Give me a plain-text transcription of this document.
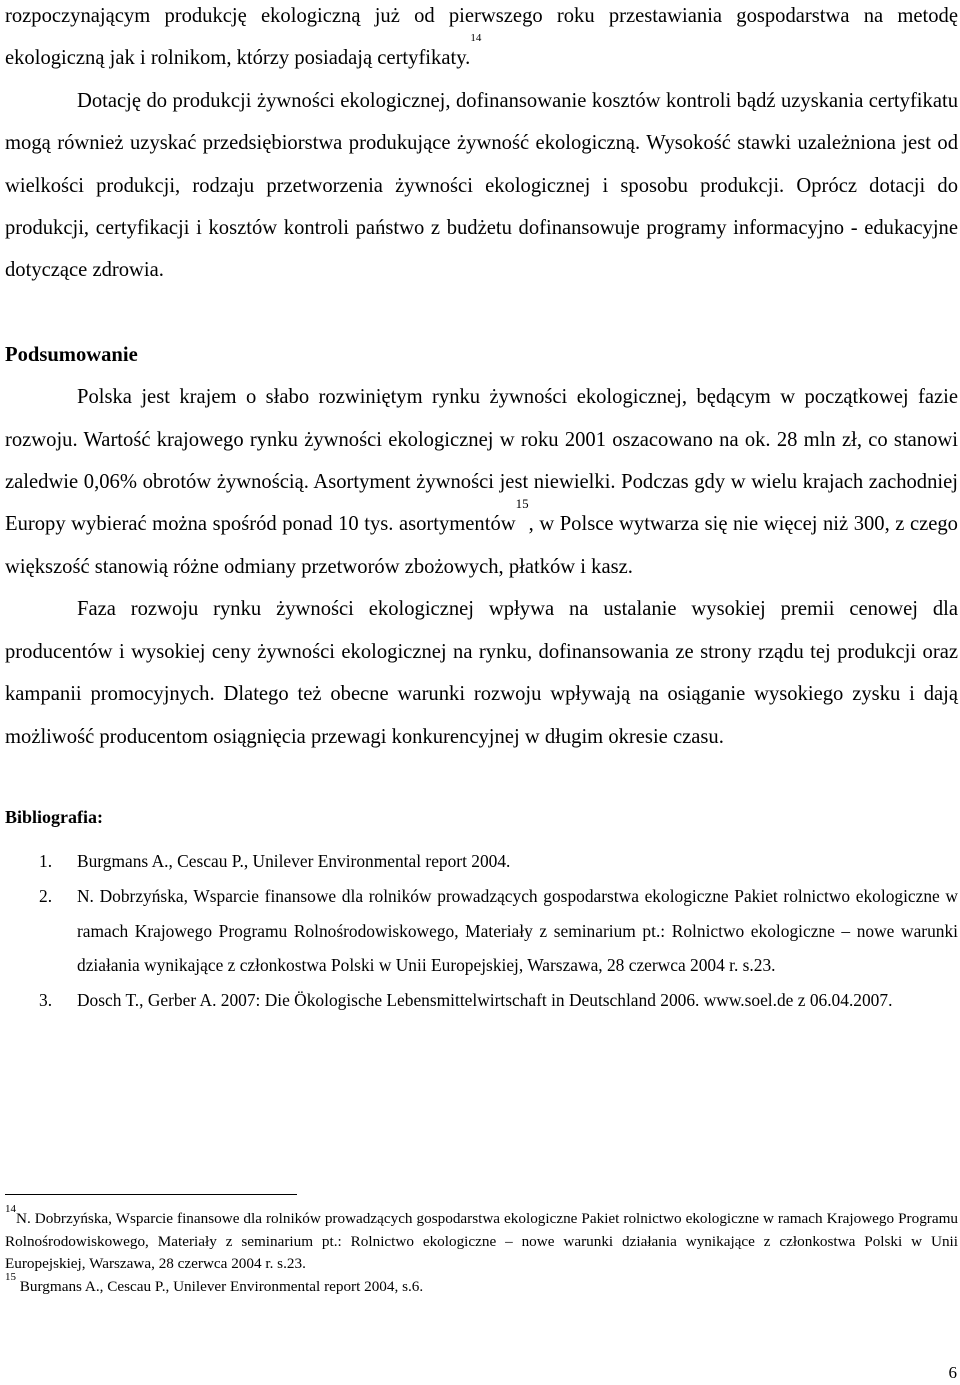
rozpoczynającym produkcję ekologiczną już od pierwszego roku przestawiania gospodarstwa na metodę ekologiczną jak i rolnikom, którzy posiadają certyfikaty.$^{14}$

Dotację do produkcji żywności ekologicznej, dofinansowanie kosztów kontroli bądź uzyskania certyfikatu mogą również uzyskać przedsiębiorstwa produkujące żywność ekologiczną. Wysokość stawki uzależniona jest od wielkości produkcji, rodzaju przetworzenia żywności ekologicznej i sposobu produkcji. Oprócz dotacji do produkcji, certyfikacji i kosztów kontroli państwo z budżetu dofinansowuje programy informacyjno - edukacyjne dotyczące zdrowia.

Podsumowanie

Polska jest krajem o słabo rozwiniętym rynku żywności ekologicznej, będącym w początkowej fazie rozwoju. Wartość krajowego rynku żywności ekologicznej w roku 2001 oszacowano na ok. 28 mln zł, co stanowi zaledwie 0,06% obrotów żywnością. Asortyment żywności jest niewielki. Podczas gdy w wielu krajach zachodniej Europy wybierać można spośród ponad 10 tys. asortymentów$^{15}$, w Polsce wytwarza się nie więcej niż 300, z czego większość stanowią różne odmiany przetworów zbożowych, płatków i kasz.

Faza rozwoju rynku żywności ekologicznej wpływa na ustalanie wysokiej premii cenowej dla producentów i wysokiej ceny żywności ekologicznej na rynku, dofinansowania ze strony rządu tej produkcji oraz kampanii promocyjnych. Dlatego też obecne warunki rozwoju wpływają na osiąganie wysokiego zysku i dają możliwość producentom osiągnięcia przewagi konkurencyjnej w długim okresie czasu.

Bibliografia:
1. Burgmans A., Cescau P., Unilever Environmental report 2004.
2. N. Dobrzyńska, Wsparcie finansowe dla rolników prowadzących gospodarstwa ekologiczne Pakiet rolnictwo ekologiczne w ramach Krajowego Programu Rolnośrodowiskowego, Materiały z seminarium pt.: Rolnictwo ekologiczne – nowe warunki działania wynikające z członkostwa Polski w Unii Europejskiej, Warszawa, 28 czerwca 2004 r. s.23.
3. Dosch T., Gerber A. 2007: Die Ökologische Lebensmittelwirtschaft in Deutschland 2006. www.soel.de z 06.04.2007.

$^{14}$N. Dobrzyńska, Wsparcie finansowe dla rolników prowadzących gospodarstwa ekologiczne Pakiet rolnictwo ekologiczne w ramach Krajowego Programu Rolnośrodowiskowego, Materiały z seminarium pt.: Rolnictwo ekologiczne – nowe warunki działania wynikające z członkostwa Polski w Unii Europejskiej, Warszawa, 28 czerwca 2004 r. s.23.

$^{15}$ Burgmans A., Cescau P., Unilever Environmental report 2004, s.6.

6
